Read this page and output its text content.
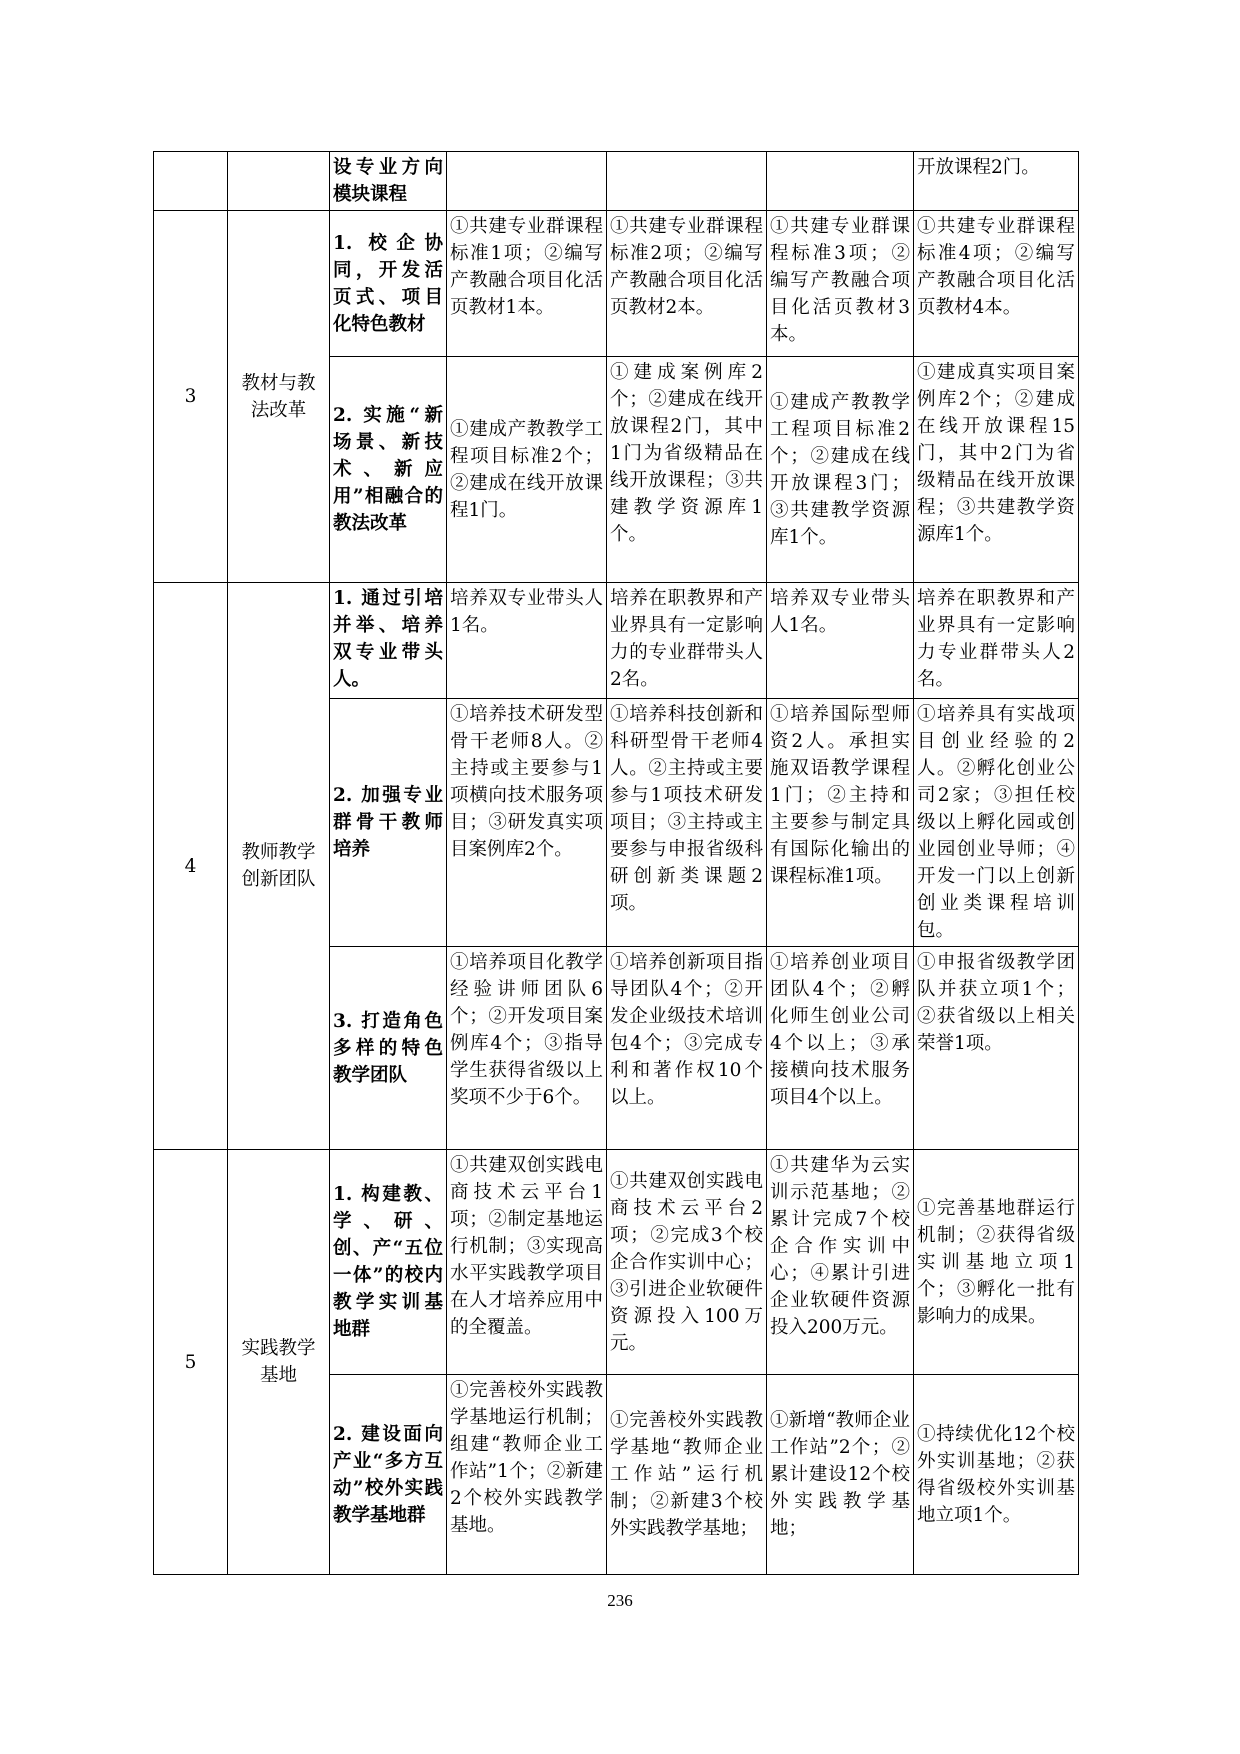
		设专业方向模块课程				开放课程2门。
3	教材与教法改革	1. 校企协同，开发活页式、项目化特色教材	①共建专业群课程标准1项；②编写产教融合项目化活页教材1本。	①共建专业群课程标准2项；②编写产教融合项目化活页教材2本。	①共建专业群课程标准3项；②编写产教融合项目化活页教材3本。	①共建专业群课程标准4项；②编写产教融合项目化活页教材4本。
		2. 实施“新场景、新技术、新应用”相融合的教法改革	①建成产教教学工程项目标准2个；②建成在线开放课程1门。	①建成案例库2个；②建成在线开放课程2门，其中1门为省级精品在线开放课程；③共建教学资源库1个。	①建成产教教学工程项目标准2个；②建成在线开放课程3门；③共建教学资源库1个。	①建成真实项目案例库2个；②建成在线开放课程15门，其中2门为省级精品在线开放课程；③共建教学资源库1个。
4	教师教学创新团队	1. 通过引培并举、培养双专业带头人。	培养双专业带头人1名。	培养在职教界和产业界具有一定影响力的专业群带头人2名。	培养双专业带头人1名。	培养在职教界和产业界具有一定影响力专业群带头人2名。
		2. 加强专业群骨干教师培养	①培养技术研发型骨干老师8人。②主持或主要参与1项横向技术服务项目；③研发真实项目案例库2个。	①培养科技创新和科研型骨干老师4人。②主持或主要参与1项技术研发项目；③主持或主要参与申报省级科研创新类课题2项。	①培养国际型师资2人。承担实施双语教学课程1门；②主持和主要参与制定具有国际化输出的课程标准1项。	①培养具有实战项目创业经验的2人。②孵化创业公司2家；③担任校级以上孵化园或创业园创业导师；④开发一门以上创新创业类课程培训包。
		3. 打造角色多样的特色教学团队	①培养项目化教学经验讲师团队6个；②开发项目案例库4个；③指导学生获得省级以上奖项不少于6个。	①培养创新项目指导团队4个；②开发企业级技术培训包4个；③完成专利和著作权10个以上。	①培养创业项目团队4个；②孵化师生创业公司4个以上；③承接横向技术服务项目4个以上。	①申报省级教学团队并获立项1个；②获省级以上相关荣誉1项。
5	实践教学基地	1. 构建教、学、研、创、产“五位一体”的校内教学实训基地群	①共建双创实践电商技术云平台1项；②制定基地运行机制；③实现高水平实践教学项目在人才培养应用中的全覆盖。	①共建双创实践电商技术云平台2项；②完成3个校企合作实训中心；③引进企业软硬件资源投入100万元。	①共建华为云实训示范基地；②累计完成7个校企合作实训中心；④累计引进企业软硬件资源投入200万元。	①完善基地群运行机制；②获得省级实训基地立项1个；③孵化一批有影响力的成果。
		2. 建设面向产业“多方互动”校外实践教学基地群	①完善校外实践教学基地运行机制；组建“教师企业工作站”1个；②新建2个校外实践教学基地。	①完善校外实践教学基地“教师企业工作站”运行机制；②新建3个校外实践教学基地；	①新增“教师企业工作站”2个；②累计建设12个校外实践教学基地；	①持续优化12个校外实训基地；②获得省级校外实训基地立项1个。
236
